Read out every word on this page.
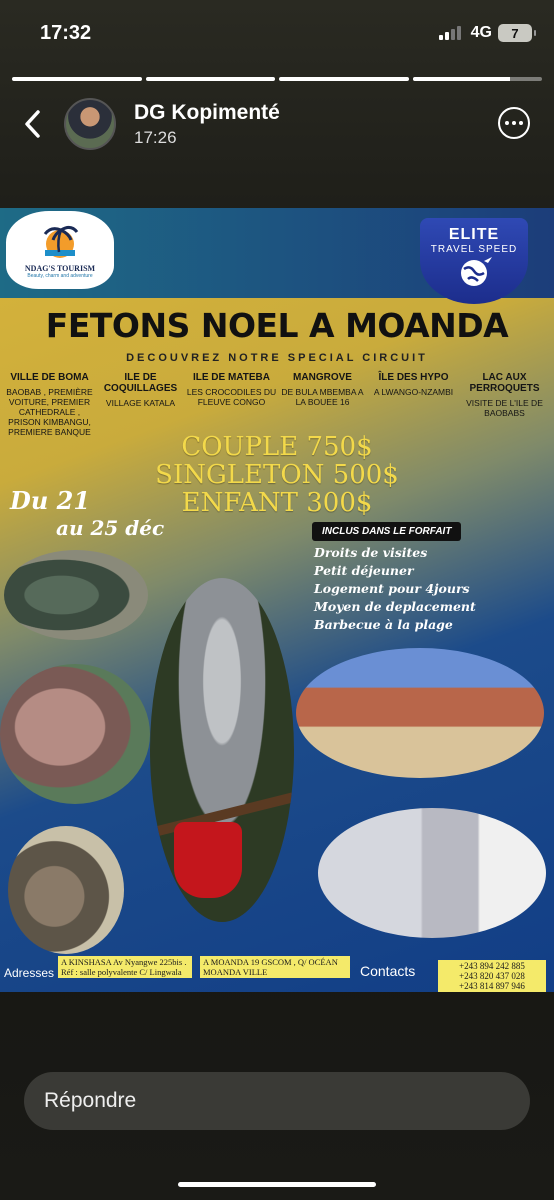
17:32	4G	7
DG Kopimenté
17:26
NDAG'S TOURISM
Beauty, charm and adventure
ELITE
TRAVEL SPEED
FETONS NOEL A MOANDA
DECOUVREZ NOTRE SPECIAL CIRCUIT
VILLE DE BOMA
BAOBAB , PREMIÈRE VOITURE, PREMIER CATHEDRALE , PRISON KIMBANGU, PREMIERE BANQUE
ILE DE COQUILLAGES
VILLAGE KATALA
ILE DE MATEBA
LES CROCODILES DU FLEUVE CONGO
MANGROVE
DE BULA MBEMBA A LA BOUEE 16
ÎLE DES HYPO
A LWANGO-NZAMBI
LAC AUX PERROQUETS
VISITE DE L'ILE DE BAOBABS
COUPLE 750$
SINGLETON 500$
ENFANT 300$
Du 21
au 25 déc	INCLUS DANS LE FORFAIT
Droits de visites
Petit déjeuner
Logement pour 4jours
Moyen de deplacement
Barbecue à la plage
Adresses
A KINSHASA Av Nyangwe 225bis . Réf : salle polyvalente C/ Lingwala
A MOANDA 19 GSCOM , Q/ OCÉAN MOANDA VILLE	Contacts	+243 894 242 885
+243 820 437 028
+243 814 897 946
Répondre
